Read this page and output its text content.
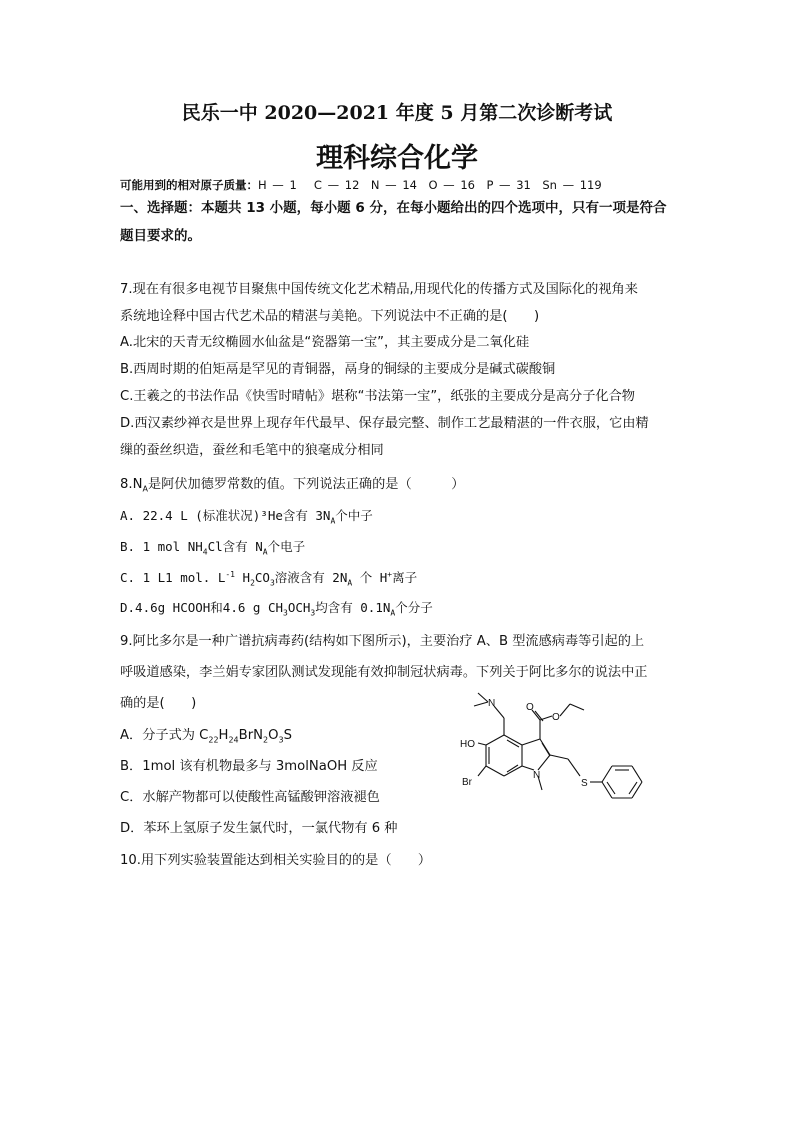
民乐一中 2020—2021 年度 5 月第二次诊断考试
理科综合化学
可能用到的相对原子质量：H — 1　 C — 12　N — 14　O — 16　P — 31　Sn — 119
一、选择题：本题共 13 小题，每小题 6 分，在每小题给出的四个选项中，只有一项是符合
题目要求的。
7.现在有很多电视节目聚焦中国传统文化艺术精品,用现代化的传播方式及国际化的视角来
系统地诠释中国古代艺术品的精湛与美艳。下列说法中不正确的是(　　)
A.北宋的天青无纹椭圆水仙盆是“瓷器第一宝”，其主要成分是二氧化硅
B.西周时期的伯矩鬲是罕见的青铜器，鬲身的铜绿的主要成分是碱式碳酸铜
C.王羲之的书法作品《快雪时晴帖》堪称“书法第一宝”，纸张的主要成分是高分子化合物
D.西汉素纱禅衣是世界上现存年代最早、保存最完整、制作工艺最精湛的一件衣服，它由精
缫的蚕丝织造，蚕丝和毛笔中的狼毫成分相同
$8.N_A$是阿伏加德罗常数的值。下列说法正确的是（　　　）
A. 22.4 L (标准状况)³He含有 $3N_A$个中子
B. 1 mol $NH_4Cl$含有 $N_A$个电子
C. 1 L1 mol. $L^{-1}$ $H_2CO_3$溶液含有 $2N_A$ 个 H+离子
D.4.6g HCOOH和4.6 g $CH_3OCH_3$均含有 $0.1N_A$个分子
9.阿比多尔是一种广谱抗病毒药(结构如下图所示)，主要治疗 A、B 型流感病毒等引起的上
呼吸道感染，李兰娟专家团队测试发现能有效抑制冠状病毒。下列关于阿比多尔的说法中正
确的是(　　)
A．分子式为 $C_{22}H_{24}BrN_2O_3S$
B．1mol 该有机物最多与 3molNaOH 反应
C．水解产物都可以使酸性高锰酸钾溶液褪色
D．苯环上氢原子发生氯代时，一氯代物有 6 种
10.用下列实验装置能达到相关实验目的的是（　　）
N	O
O
HO
Br
N
S
